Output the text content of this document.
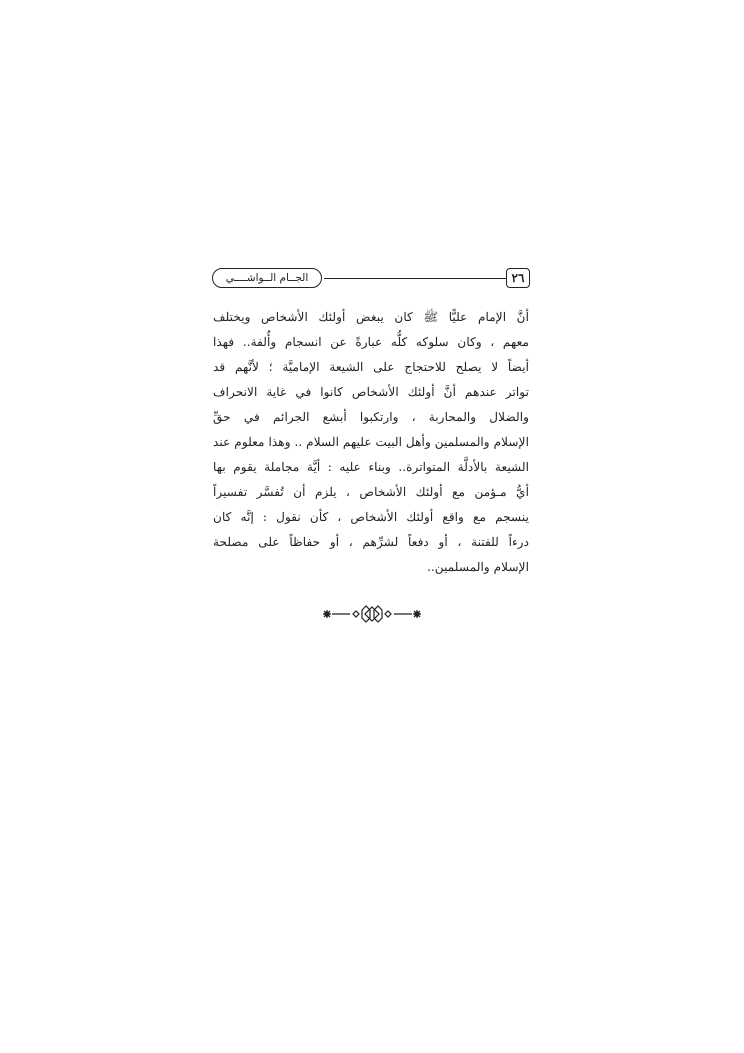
الجــام الــواشــــي	٢٦
أنَّ الإمام عليًّا ﷺ كان يبغض أولئك الأشخاص ويختلف
معهم ، وكان سلوكه كلُّه عبارةً عن انسجام وأُلفة.. فهذا
أيضاً لا يصلح للاحتجاج على الشيعة الإماميَّة ؛ لأنَّهم قد
تواتر عندهم أنَّ أولئك الأشخاص كانوا في غاية الانحراف
والضلال والمحاربة ، وارتكبوا أبشع الجرائم في حقِّ
الإسلام والمسلمين وأهل البيت عليهم السلام .. وهذا معلوم عند
الشيعة بالأدلَّة المتواترة.. وبناء عليه : أيَّة مجاملة يقوم بها
أيُّ مـؤمن مع أولئك الأشخاص ، يلزم أن تُفسَّر تفسيراً
ينسجم مع واقع أولئك الأشخاص ، كأن نقول : إنَّه كان
درءاً للفتنة ، أو دفعاً لشرِّهم ، أو حفاظاً على مصلحة
الإسلام والمسلمين..
